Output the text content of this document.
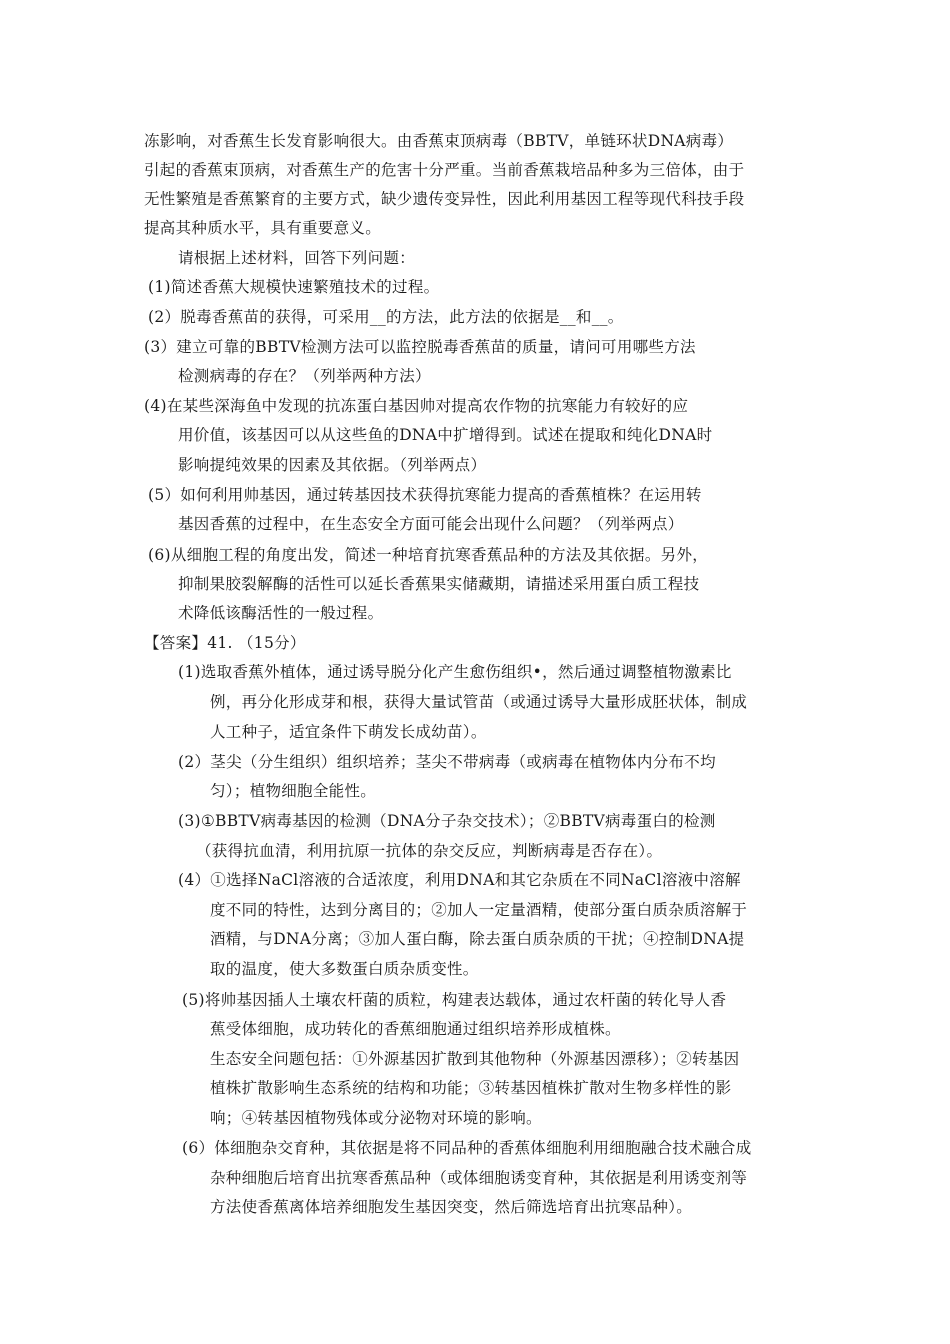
冻影响，对香蕉生长发育影响很大。由香蕉束顶病毒（BBTV，单链环状DNA病毒）
引起的香蕉束顶病，对香蕉生产的危害十分严重。当前香蕉栽培品种多为三倍体，由于
无性繁殖是香蕉繁育的主要方式，缺少遗传变异性，因此利用基因工程等现代科技手段
提高其种质水平，具有重要意义。
请根据上述材料，回答下列问题：
(1)简述香蕉大规模快速繁殖技术的过程。
(2）脱毒香蕉苗的获得，可采用__的方法，此方法的依据是__和__。
(3）建立可靠的BBTV检测方法可以监控脱毒香蕉苗的质量，请问可用哪些方法
检测病毒的存在？（列举两种方法）
(4)在某些深海鱼中发现的抗冻蛋白基因帅对提高农作物的抗寒能力有较好的应
用价值，该基因可以从这些鱼的DNA中扩增得到。试述在提取和纯化DNA时
影响提纯效果的因素及其依据。（列举两点）
(5）如何利用帅基因，通过转基因技术获得抗寒能力提高的香蕉植株？在运用转
基因香蕉的过程中，在生态安全方面可能会出现什么问题？（列举两点）
(6)从细胞工程的角度出发，简述一种培育抗寒香蕉品种的方法及其依据。另外，
抑制果胶裂解酶的活性可以延长香蕉果实储藏期，请描述采用蛋白质工程技
术降低该酶活性的一般过程。
【答案】41. （15分）
(1)选取香蕉外植体，通过诱导脱分化产生愈伤组织•，然后通过调整植物激素比
例，再分化形成芽和根，获得大量试管苗（或通过诱导大量形成胚状体，制成
人工种子，适宜条件下萌发长成幼苗）。
(2）茎尖（分生组织）组织培养；茎尖不带病毒（或病毒在植物体内分布不均
匀）；植物细胞全能性。
(3)①BBTV病毒基因的检测（DNA分子杂交技术）；②BBTV病毒蛋白的检测
（获得抗血清，利用抗原一抗体的杂交反应，判断病毒是否存在）。
(4）①选择NaCl溶液的合适浓度，利用DNA和其它杂质在不同NaCl溶液中溶解
度不同的特性，达到分离目的；②加人一定量酒精，使部分蛋白质杂质溶解于
酒精，与DNA分离；③加人蛋白酶，除去蛋白质杂质的干扰；④控制DNA提
取的温度，使大多数蛋白质杂质变性。
(5)将帅基因插人土壤农杆菌的质粒，构建表达载体，通过农杆菌的转化导人香
蕉受体细胞，成功转化的香蕉细胞通过组织培养形成植株。
生态安全问题包括：①外源基因扩散到其他物种（外源基因漂移）；②转基因
植株扩散影响生态系统的结构和功能；③转基因植株扩散对生物多样性的影
响；④转基因植物残体或分泌物对环境的影响。
(6）体细胞杂交育种，其依据是将不同品种的香蕉体细胞利用细胞融合技术融合成
杂种细胞后培育出抗寒香蕉品种（或体细胞诱变育种，其依据是利用诱变剂等
方法使香蕉离体培养细胞发生基因突变，然后筛选培育出抗寒品种）。
